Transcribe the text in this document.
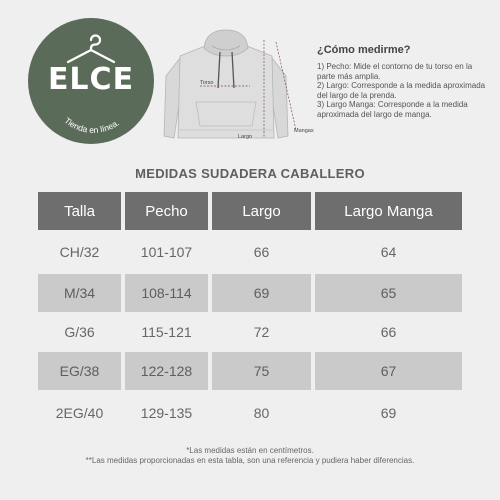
ELCE
Tienda en línea.
Torso
Largo
Mangas
¿Cómo medirme?

1) Pecho: Mide el contorno de tu torso en la parte más amplia.

2) Largo: Corresponde a la medida aproximada del largo de la prenda.

3) Largo Manga: Corresponde a la medida aproximada del largo de manga.

MEDIDAS SUDADERA CABALLERO
Talla	Pecho	Largo	Largo Manga
CH/32	101-107	66	64
M/34	108-114	69	65
G/36	115-121	72	66
EG/38	122-128	75	67
2EG/40	129-135	80	69
*Las medidas están en centímetros.
**Las medidas proporcionadas en esta tabla, son una referencia y pudiera haber diferencias.
